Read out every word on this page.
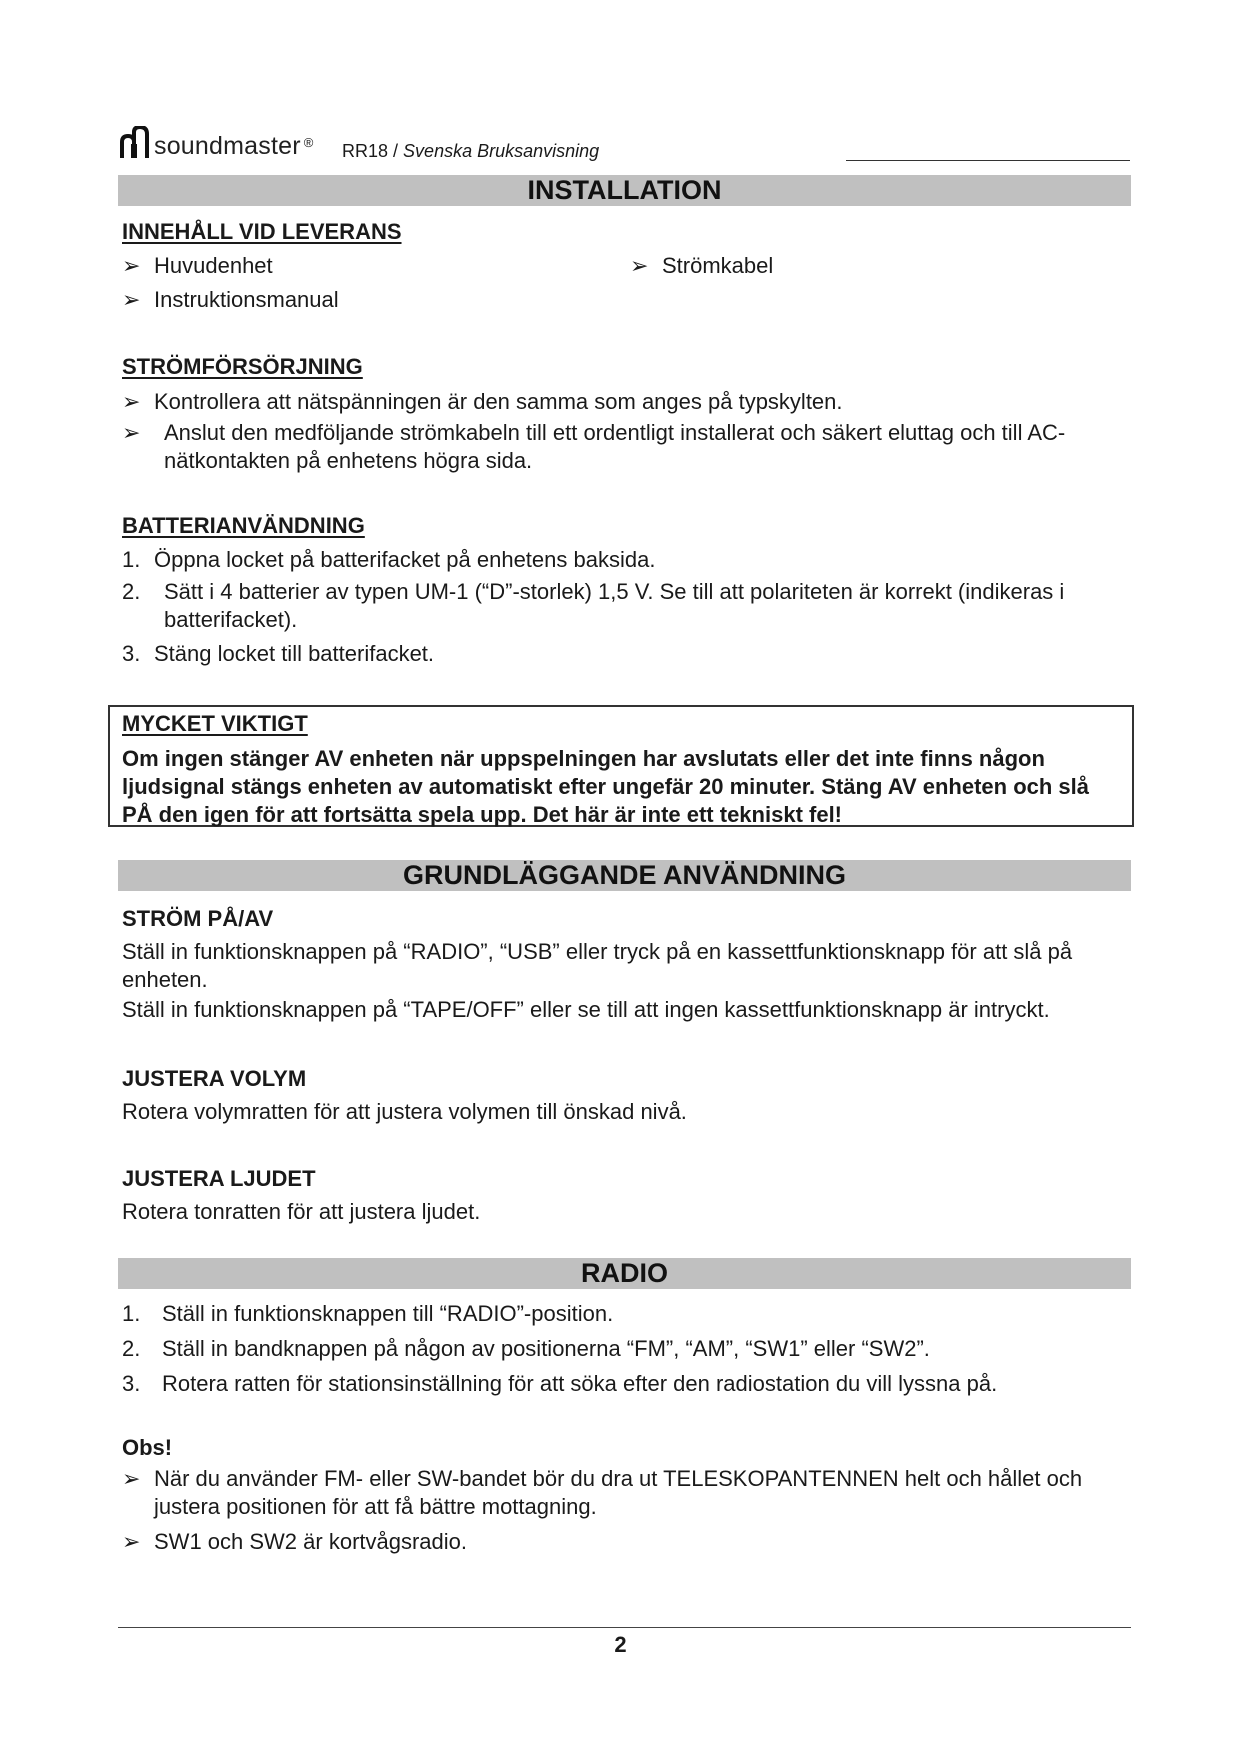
soundmaster ® RR18 / Svenska Bruksanvisning
INSTALLATION
INNEHÅLL VID LEVERANS
➢ Huvudenhet
➢ Instruktionsmanual
➢ Strömkabel
STRÖMFÖRSÖRJNING
➢ Kontrollera att nätspänningen är den samma som anges på typskylten.
➢	Anslut den medföljande strömkabeln till ett ordentligt installerat och säkert eluttag och till AC-nätkontakten på enhetens högra sida.
BATTERIANVÄNDNING
1. Öppna locket på batterifacket på enhetens baksida.
2.	Sätt i 4 batterier av typen UM-1 (“D”-storlek) 1,5 V. Se till att polariteten är korrekt (indikeras i batterifacket).
3. Stäng locket till batterifacket.
MYCKET VIKTIGT
Om ingen stänger AV enheten när uppspelningen har avslutats eller det inte finns någon ljudsignal stängs enheten av automatiskt efter ungefär 20 minuter. Stäng AV enheten och slå PÅ den igen för att fortsätta spela upp. Det här är inte ett tekniskt fel!
GRUNDLÄGGANDE ANVÄNDNING
STRÖM PÅ/AV
Ställ in funktionsknappen på “RADIO”, “USB” eller tryck på en kassettfunktionsknapp för att slå på enheten.
Ställ in funktionsknappen på “TAPE/OFF” eller se till att ingen kassettfunktionsknapp är intryckt.
JUSTERA VOLYM
Rotera volymratten för att justera volymen till önskad nivå.
JUSTERA LJUDET
Rotera tonratten för att justera ljudet.
RADIO
1. Ställ in funktionsknappen till “RADIO”-position.
2. Ställ in bandknappen på någon av positionerna “FM”, “AM”, “SW1” eller “SW2”.
3. Rotera ratten för stationsinställning för att söka efter den radiostation du vill lyssna på.
Obs!
➢ När du använder FM- eller SW-bandet bör du dra ut TELESKOPANTENNEN helt och hållet och justera positionen för att få bättre mottagning.
➢ SW1 och SW2 är kortvågsradio.
2
